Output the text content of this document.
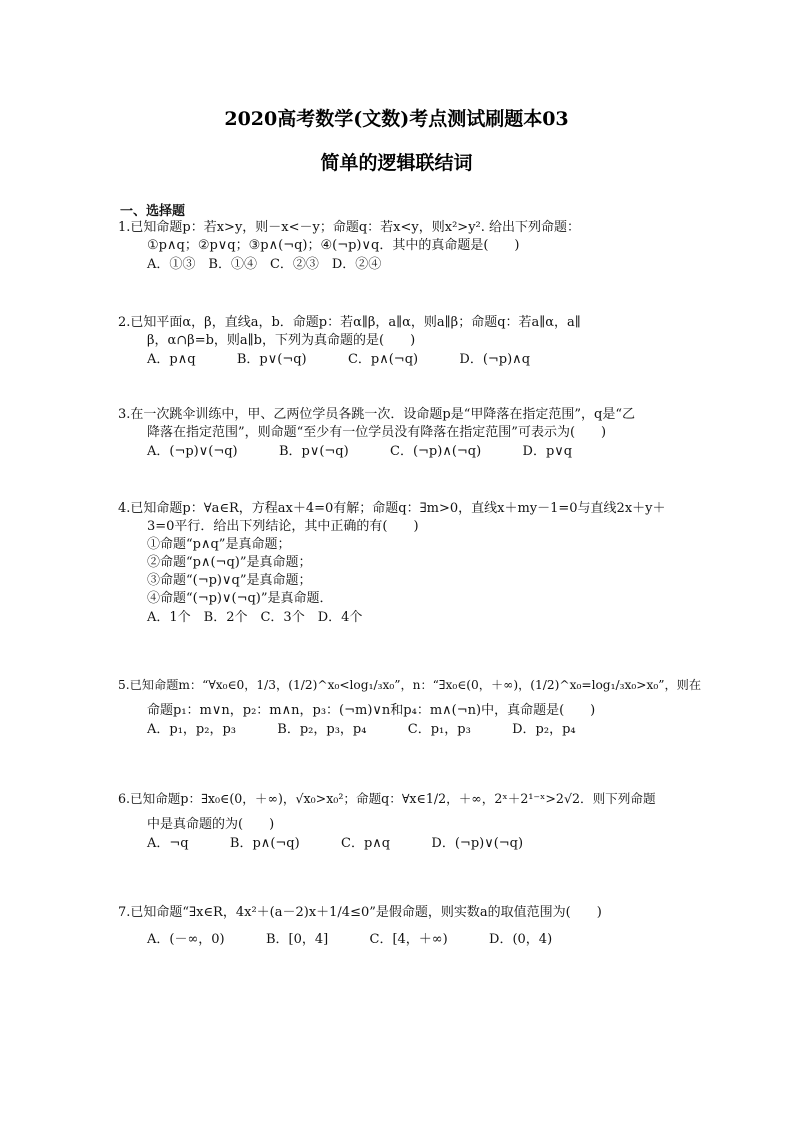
2020高考数学(文数)考点测试刷题本03
简单的逻辑联结词
一、选择题
1.已知命题p：若x>y，则－x<－y；命题q：若x<y，则x²>y². 给出下列命题：
①p∧q；②p∨q；③p∧(¬q)；④(¬p)∨q．其中的真命题是(　　)
A．①③　B．①④　C．②③　D．②④
2.已知平面α，β，直线a，b．命题p：若α∥β，a∥α，则a∥β；命题q：若a∥α，a∥
β，α∩β=b，则a∥b，下列为真命题的是(　　)
A．p∧q          B．p∨(¬q)          C．p∧(¬q)          D．(¬p)∧q
3.在一次跳伞训练中，甲、乙两位学员各跳一次．设命题p是“甲降落在指定范围”，q是“乙
降落在指定范围”，则命题“至少有一位学员没有降落在指定范围”可表示为(　　)
A．(¬p)∨(¬q)          B．p∨(¬q)          C．(¬p)∧(¬q)          D．p∨q
4.已知命题p：∀a∈R，方程ax＋4=0有解；命题q：∃m>0，直线x＋my－1=0与直线2x＋y＋
3=0平行．给出下列结论，其中正确的有(　　)
①命题“p∧q”是真命题；
②命题“p∧(¬q)”是真命题；
③命题“(¬p)∨q”是真命题；
④命题“(¬p)∨(¬q)”是真命题．
A．1个　B．2个　C．3个　D．4个
5.已知命题m：“∀x₀∈0，1/3，(1/2)^x₀<log₁/₃x₀”，n：“∃x₀∈(0，＋∞)，(1/2)^x₀=log₁/₃x₀>x₀”，则在
命题p₁：m∨n，p₂：m∧n，p₃：(¬m)∨n和p₄：m∧(¬n)中，真命题是(　　)
A．p₁，p₂，p₃          B．p₂，p₃，p₄          C．p₁，p₃          D．p₂，p₄
6.已知命题p：∃x₀∈(0，＋∞)，√x₀>x₀²；命题q：∀x∈1/2，＋∞，2ˣ＋2¹⁻ˣ>2√2．则下列命题
中是真命题的为(　　)
A．¬q          B．p∧(¬q)          C．p∧q          D．(¬p)∨(¬q)
7.已知命题“∃x∈R，4x²＋(a－2)x＋1/4≤0”是假命题，则实数a的取值范围为(　　)
A．(－∞，0)          B．[0，4]          C．[4，＋∞)          D．(0，4)
